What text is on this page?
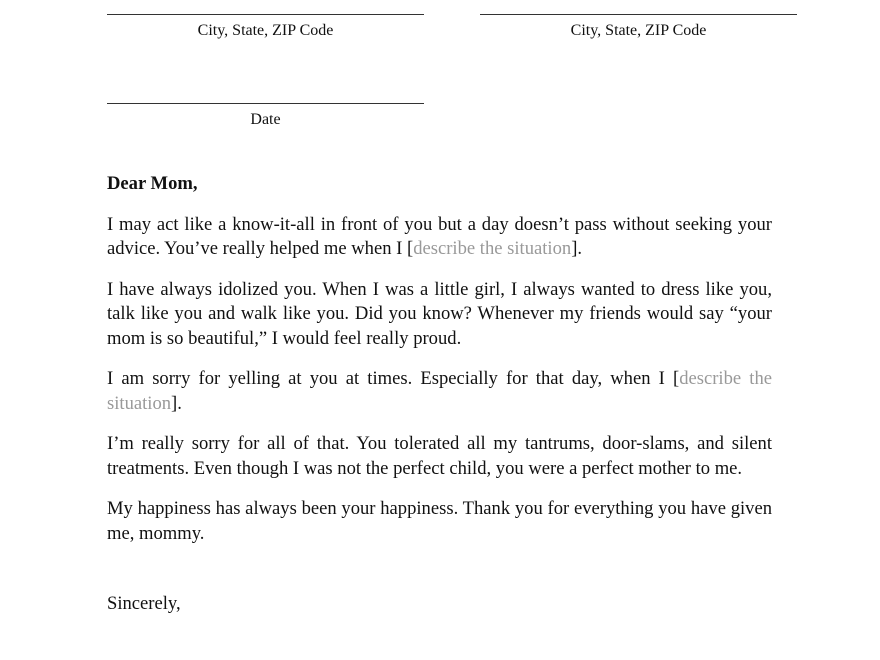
City, State, ZIP Code	City, State, ZIP Code
Date

Dear Mom,

I may act like a know-it-all in front of you but a day doesn’t pass without seeking your advice. You’ve really helped me when I [describe the situation].

I have always idolized you. When I was a little girl, I always wanted to dress like you, talk like you and walk like you. Did you know? Whenever my friends would say “your mom is so beautiful,” I would feel really proud.

I am sorry for yelling at you at times. Especially for that day, when I [describe the situation].

I’m really sorry for all of that. You tolerated all my tantrums, door-slams, and silent treatments. Even though I was not the perfect child, you were a perfect mother to me.

My happiness has always been your happiness. Thank you for everything you have given me, mommy.

Sincerely,
